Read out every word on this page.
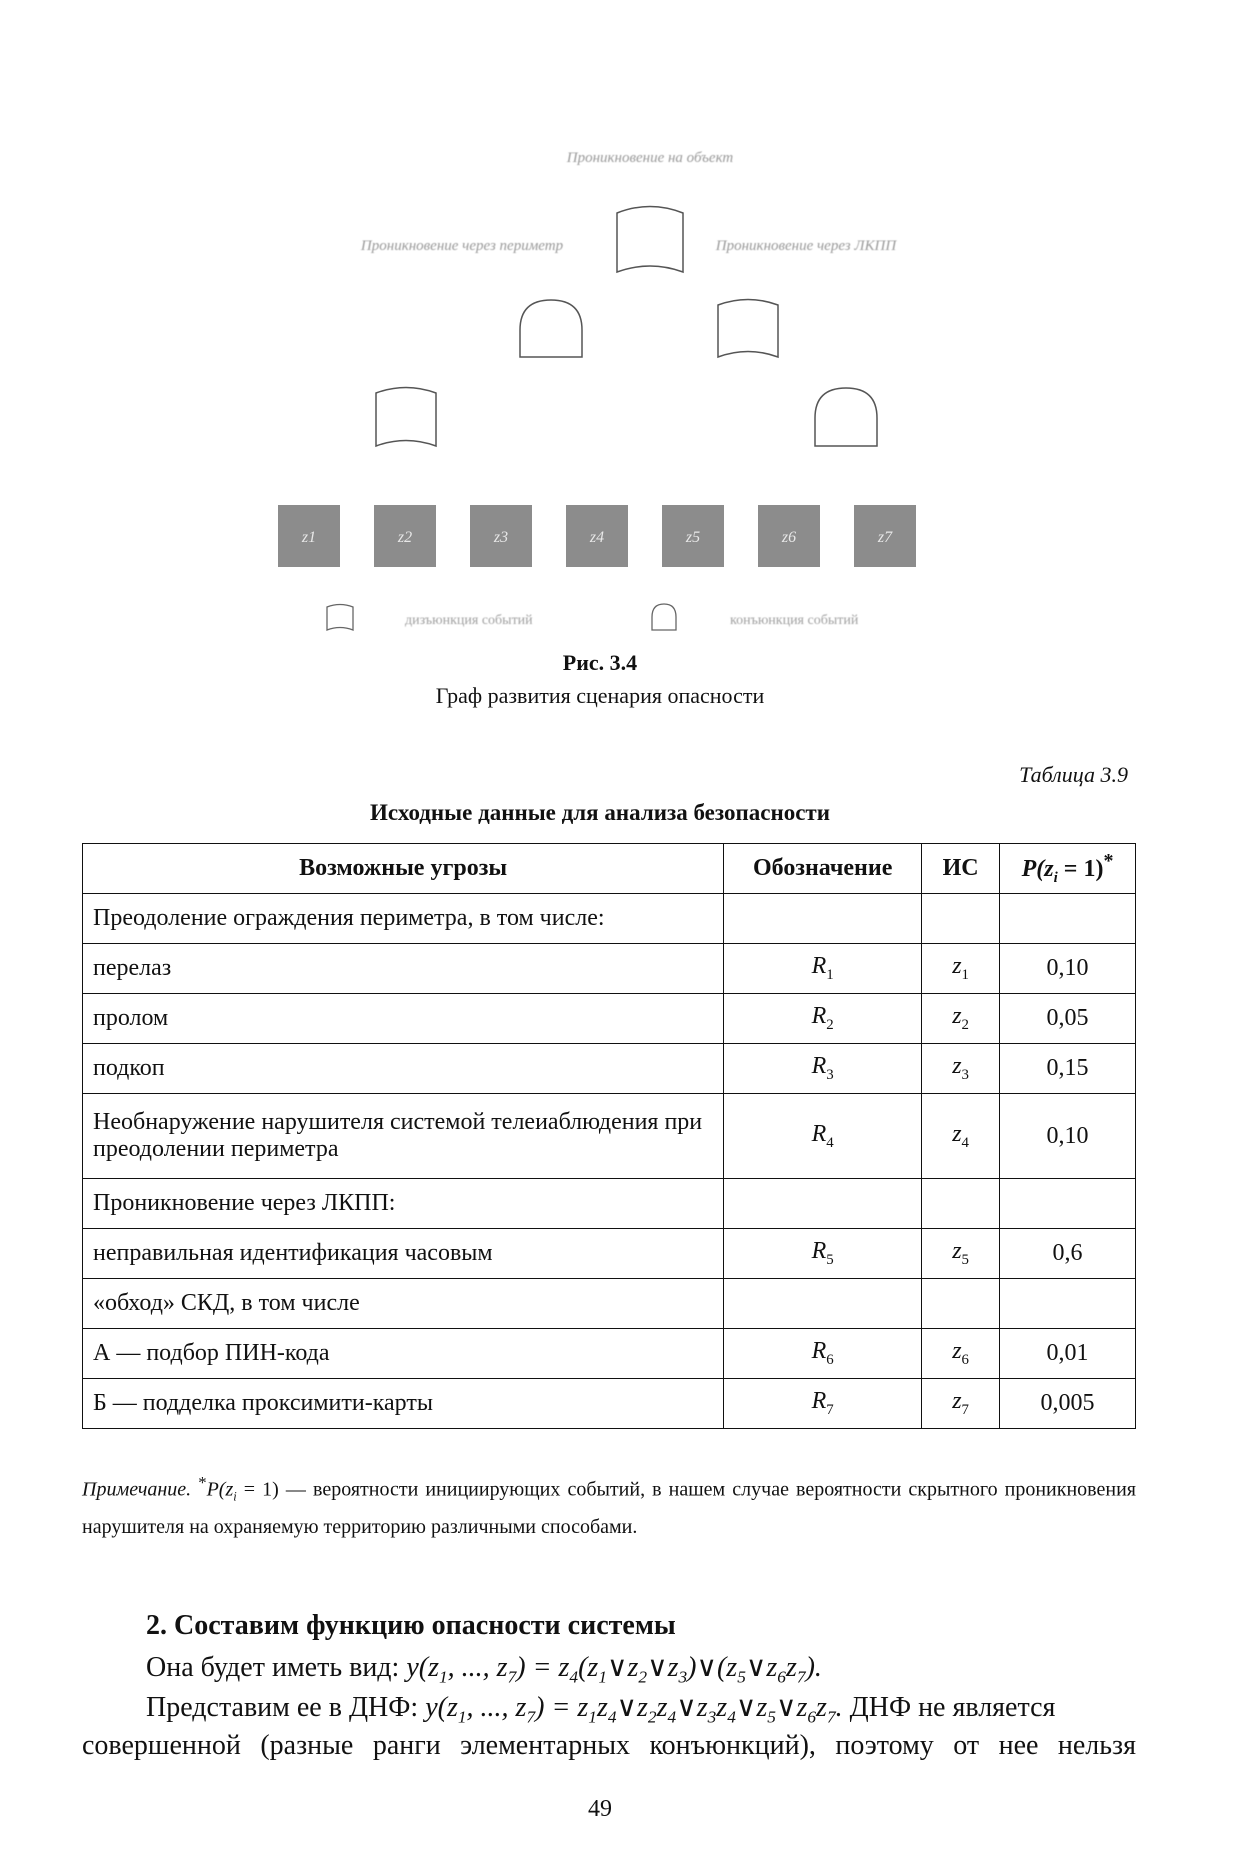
Проникновение на объект
Проникновение через периметр	Проникновение через ЛКПП
z1	z2	z3	z4	z5	z6	z7
дизъюнкция событий	конъюнкция событий
Рис. 3.4
Граф развития сценария опасности
Таблица 3.9
Исходные данные для анализа безопасности
Возможные угрозы	Обозначение	ИС	$P(z_i = 1)^*$
Преодоление ограждения периметра, в том числе:			
перелаз	$R_1$	$z_1$	0,10
пролом	$R_2$	$z_2$	0,05
подкоп	$R_3$	$z_3$	0,15
Необнаружение нарушителя системой телеиаблюдения при преодолении периметра	$R_4$	$z_4$	0,10
Проникновение через ЛКПП:			
неправильная идентификация часовым	$R_5$	$z_5$	0,6
«обход» СКД, в том числе			
А — подбор ПИН-кода	$R_6$	$z_6$	0,01
Б — подделка проксимити-карты	$R_7$	$z_7$	0,005
Примечание. $^*P(z_i = 1)$ — вероятности инициирующих событий, в нашем случае вероятности скрытного проникновения нарушителя на охраняемую территорию различными способами.
2. Составим функцию опасности системы
Она будет иметь вид: $y(z_1$, ..., $z_7$) = $z_4(z_1\vee z_2\vee z_3)\vee(z_5\vee z_6z_7)$.
Представим ее в ДНФ: $y(z_1$, ..., $z_7$) = $z_1z_4\vee z_2z_4\vee z_3z_4\vee z_5\vee z_6z_7$. ДНФ не является
совершенной (разные ранги элементарных конъюнкций), поэтому от нее нельзя
49
